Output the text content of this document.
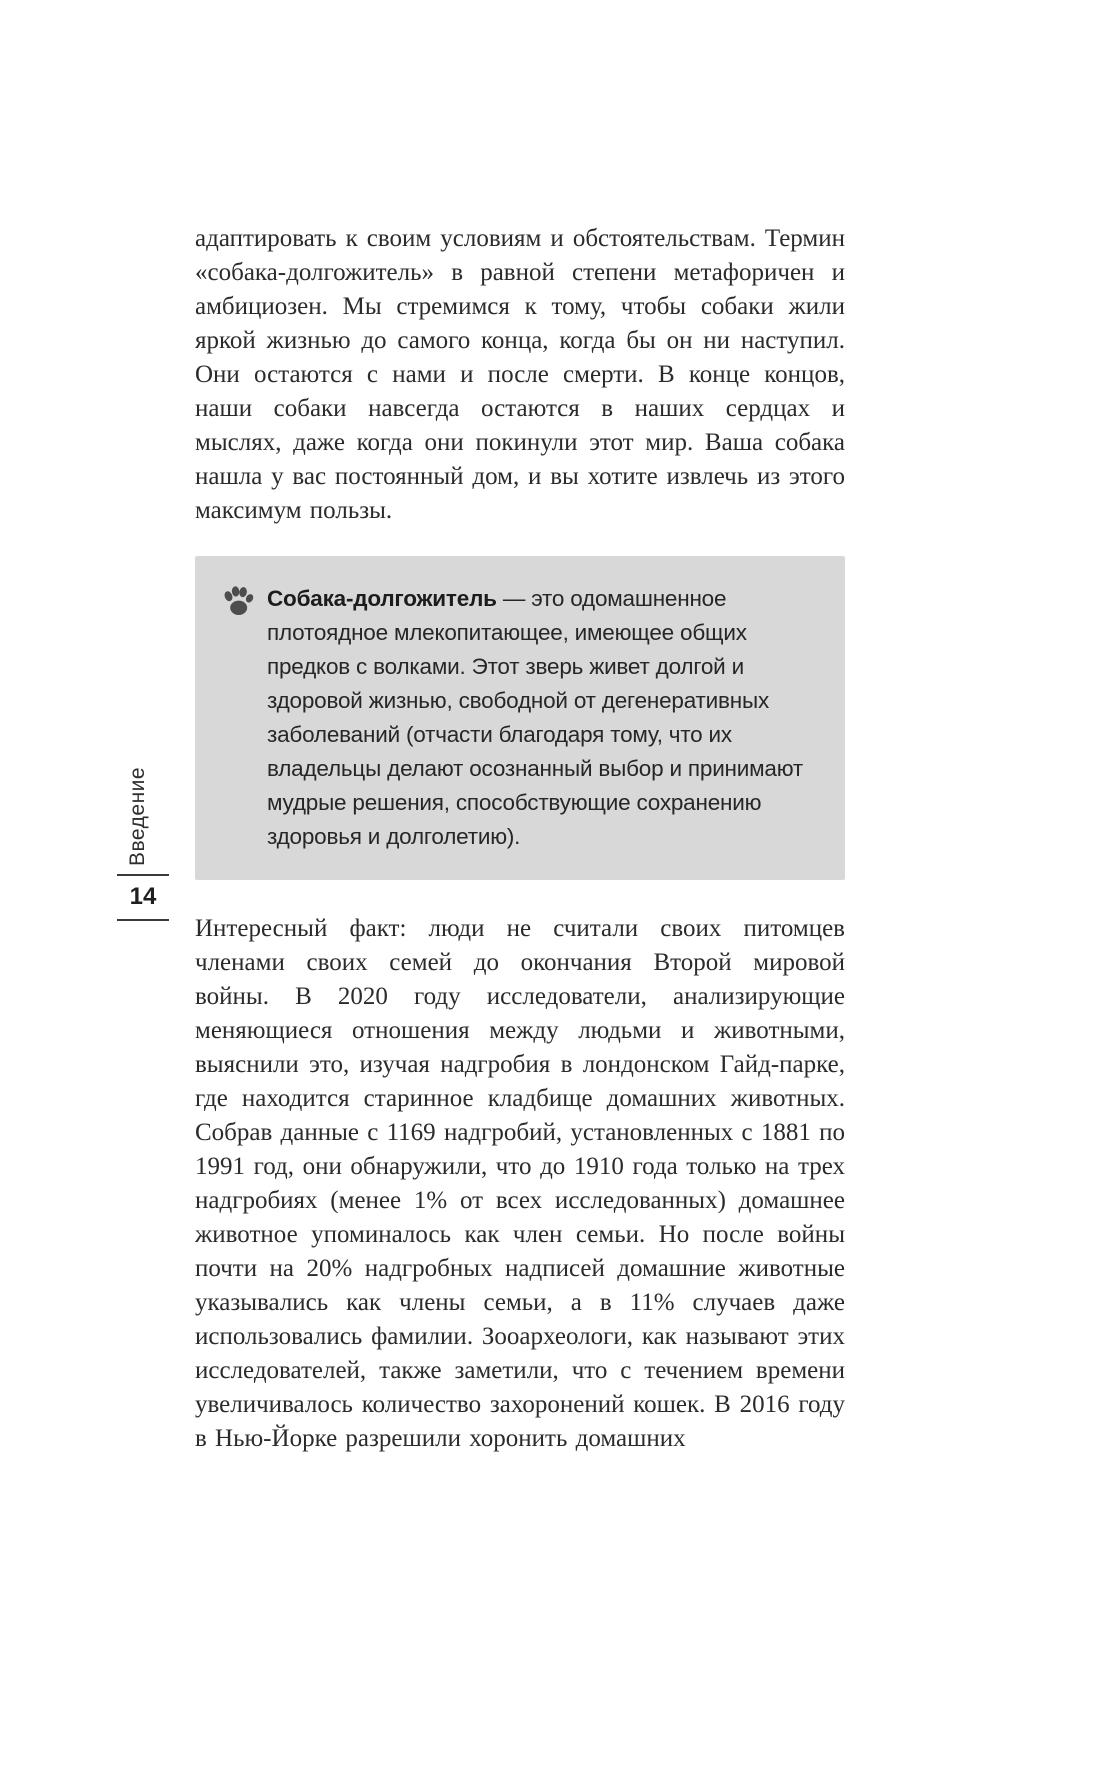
Введение
14

адаптировать к своим условиям и обстоятельствам. Термин «собака-долгожитель» в равной степени метафоричен и амбициозен. Мы стремимся к тому, чтобы собаки жили яркой жизнью до самого конца, когда бы он ни наступил. Они остаются с нами и после смерти. В конце концов, наши собаки навсегда остаются в наших сердцах и мыслях, даже когда они покинули этот мир. Ваша собака нашла у вас постоянный дом, и вы хотите извлечь из этого максимум пользы.

Собака-долгожитель — это одомашненное плотоядное млекопитающее, имеющее общих предков с волками. Этот зверь живет долгой и здоровой жизнью, свободной от дегенеративных заболеваний (отчасти благодаря тому, что их владельцы делают осознанный выбор и принимают мудрые решения, способствующие сохранению здоровья и долголетию).

Интересный факт: люди не считали своих питомцев членами своих семей до окончания Второй мировой войны. В 2020 году исследователи, анализирующие меняющиеся отношения между людьми и животными, выяснили это, изучая надгробия в лондонском Гайд-парке, где находится старинное кладбище домашних животных. Собрав данные с 1169 надгробий, установленных с 1881 по 1991 год, они обнаружили, что до 1910 года только на трех надгробиях (менее 1% от всех исследованных) домашнее животное упоминалось как член семьи. Но после войны почти на 20% надгробных надписей домашние животные указывались как члены семьи, а в 11% случаев даже использовались фамилии. Зооархеологи, как называют этих исследователей, также заметили, что с течением времени увеличивалось количество захоронений кошек. В 2016 году в Нью-Йорке разрешили хоронить домашних
